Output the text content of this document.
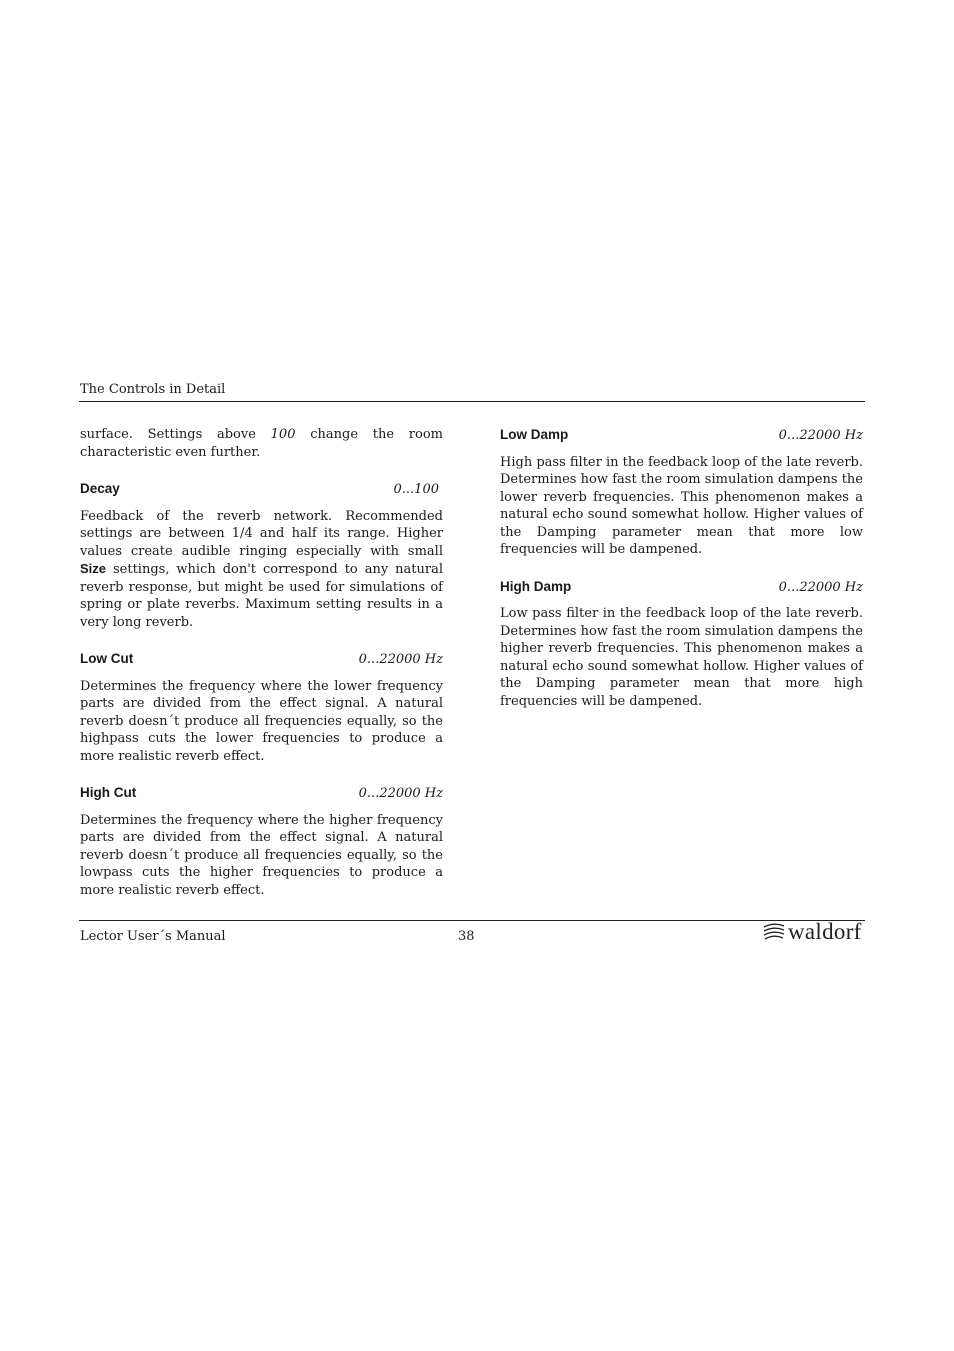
The Controls in Detail

surface. Settings above 100 change the room characteristic even further.

Decay	0...100

Feedback of the reverb network. Recommended settings are between 1/4 and half its range. Higher values create audible ringing especially with small Size settings, which don't correspond to any natural reverb response, but might be used for simulations of spring or plate reverbs. Maximum setting results in a very long reverb.

Low Cut	0...22000 Hz

Determines the frequency where the lower frequency parts are divided from the effect signal. A natural reverb doesn´t produce all frequencies equally, so the highpass cuts the lower frequencies to produce a more realistic reverb effect.

High Cut	0...22000 Hz

Determines the frequency where the higher frequency parts are divided from the effect signal. A natural reverb doesn´t produce all frequencies equally, so the lowpass cuts the higher frequencies to produce a more realistic reverb effect.

Low Damp	0...22000 Hz

High pass filter in the feedback loop of the late reverb. Determines how fast the room simulation dampens the lower reverb frequencies. This phenomenon makes a natural echo sound somewhat hollow. Higher values of the Damping parameter mean that more low frequencies will be dampened.

High Damp	0...22000 Hz

Low pass filter in the feedback loop of the late reverb. Determines how fast the room simulation dampens the higher reverb frequencies. This phenomenon makes a natural echo sound somewhat hollow. Higher values of the Damping parameter mean that more high frequencies will be dampened.

Lector User´s Manual	38	waldorf
